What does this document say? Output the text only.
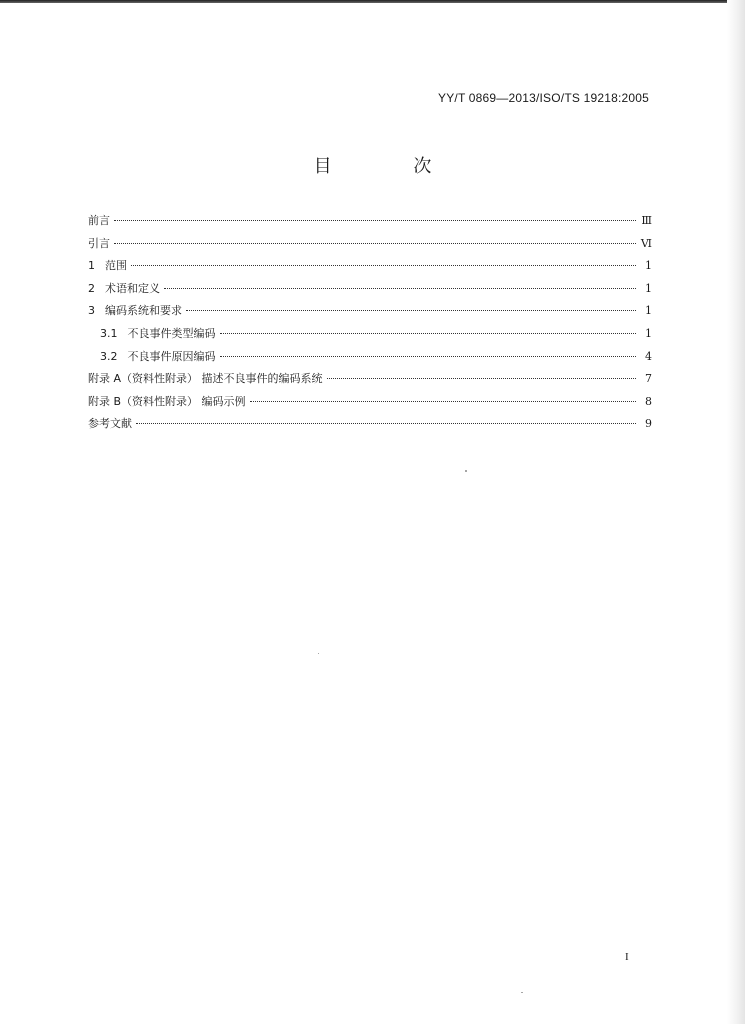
YY/T 0869—2013/ISO/TS 19218:2005
目 次
前言	Ⅲ
引言	Ⅵ
1 范围	1
2 术语和定义	1
3 编码系统和要求	1
3.1 不良事件类型编码	1
3.2 不良事件原因编码	4
附录 A（资料性附录） 描述不良事件的编码系统	7
附录 B（资料性附录） 编码示例	8
参考文献	9
I
